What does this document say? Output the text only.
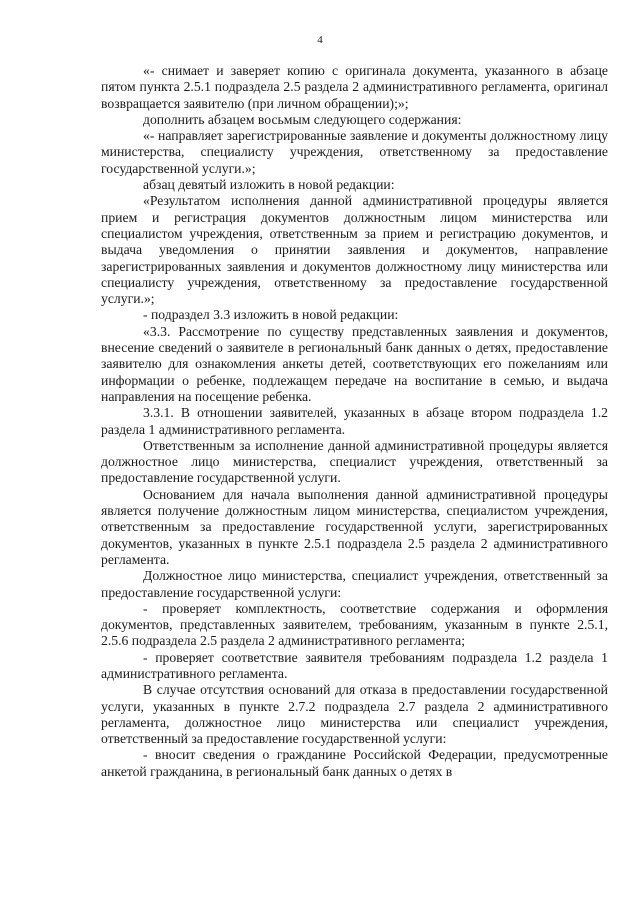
4

«- снимает и заверяет копию с оригинала документа, указанного в абзаце пятом пункта 2.5.1 подраздела 2.5 раздела 2 административного регламента, оригинал возвращается заявителю (при личном обращении);»;

дополнить абзацем восьмым следующего содержания:

«- направляет зарегистрированные заявление и документы должностному лицу министерства, специалисту учреждения, ответственному за предоставление государственной услуги.»;

абзац девятый изложить в новой редакции:

«Результатом исполнения данной административной процедуры является прием и регистрация документов должностным лицом министерства или специалистом учреждения, ответственным за прием и регистрацию документов, и выдача уведомления о принятии заявления и документов, направление зарегистрированных заявления и документов должностному лицу министерства или специалисту учреждения, ответственному за предоставление государственной услуги.»;

- подраздел 3.3 изложить в новой редакции:

«3.3. Рассмотрение по существу представленных заявления и документов, внесение сведений о заявителе в региональный банк данных о детях, предоставление заявителю для ознакомления анкеты детей, соответствующих его пожеланиям или информации о ребенке, подлежащем передаче на воспитание в семью, и выдача направления на посещение ребенка.

3.3.1. В отношении заявителей, указанных в абзаце втором подраздела 1.2 раздела 1 административного регламента.

Ответственным за исполнение данной административной процедуры является должностное лицо министерства, специалист учреждения, ответственный за предоставление государственной услуги.

Основанием для начала выполнения данной административной процедуры является получение должностным лицом министерства, специалистом учреждения, ответственным за предоставление государственной услуги, зарегистрированных документов, указанных в пункте 2.5.1 подраздела 2.5 раздела 2 административного регламента.

Должностное лицо министерства, специалист учреждения, ответственный за предоставление государственной услуги:

- проверяет комплектность, соответствие содержания и оформления документов, представленных заявителем, требованиям, указанным в пункте 2.5.1, 2.5.6 подраздела 2.5 раздела 2 административного регламента;

- проверяет соответствие заявителя требованиям подраздела 1.2 раздела 1 административного регламента.

В случае отсутствия оснований для отказа в предоставлении государственной услуги, указанных в пункте 2.7.2 подраздела 2.7 раздела 2 административного регламента, должностное лицо министерства или специалист учреждения, ответственный за предоставление государственной услуги:

- вносит сведения о гражданине Российской Федерации, предусмотренные анкетой гражданина, в региональный банк данных о детях в
